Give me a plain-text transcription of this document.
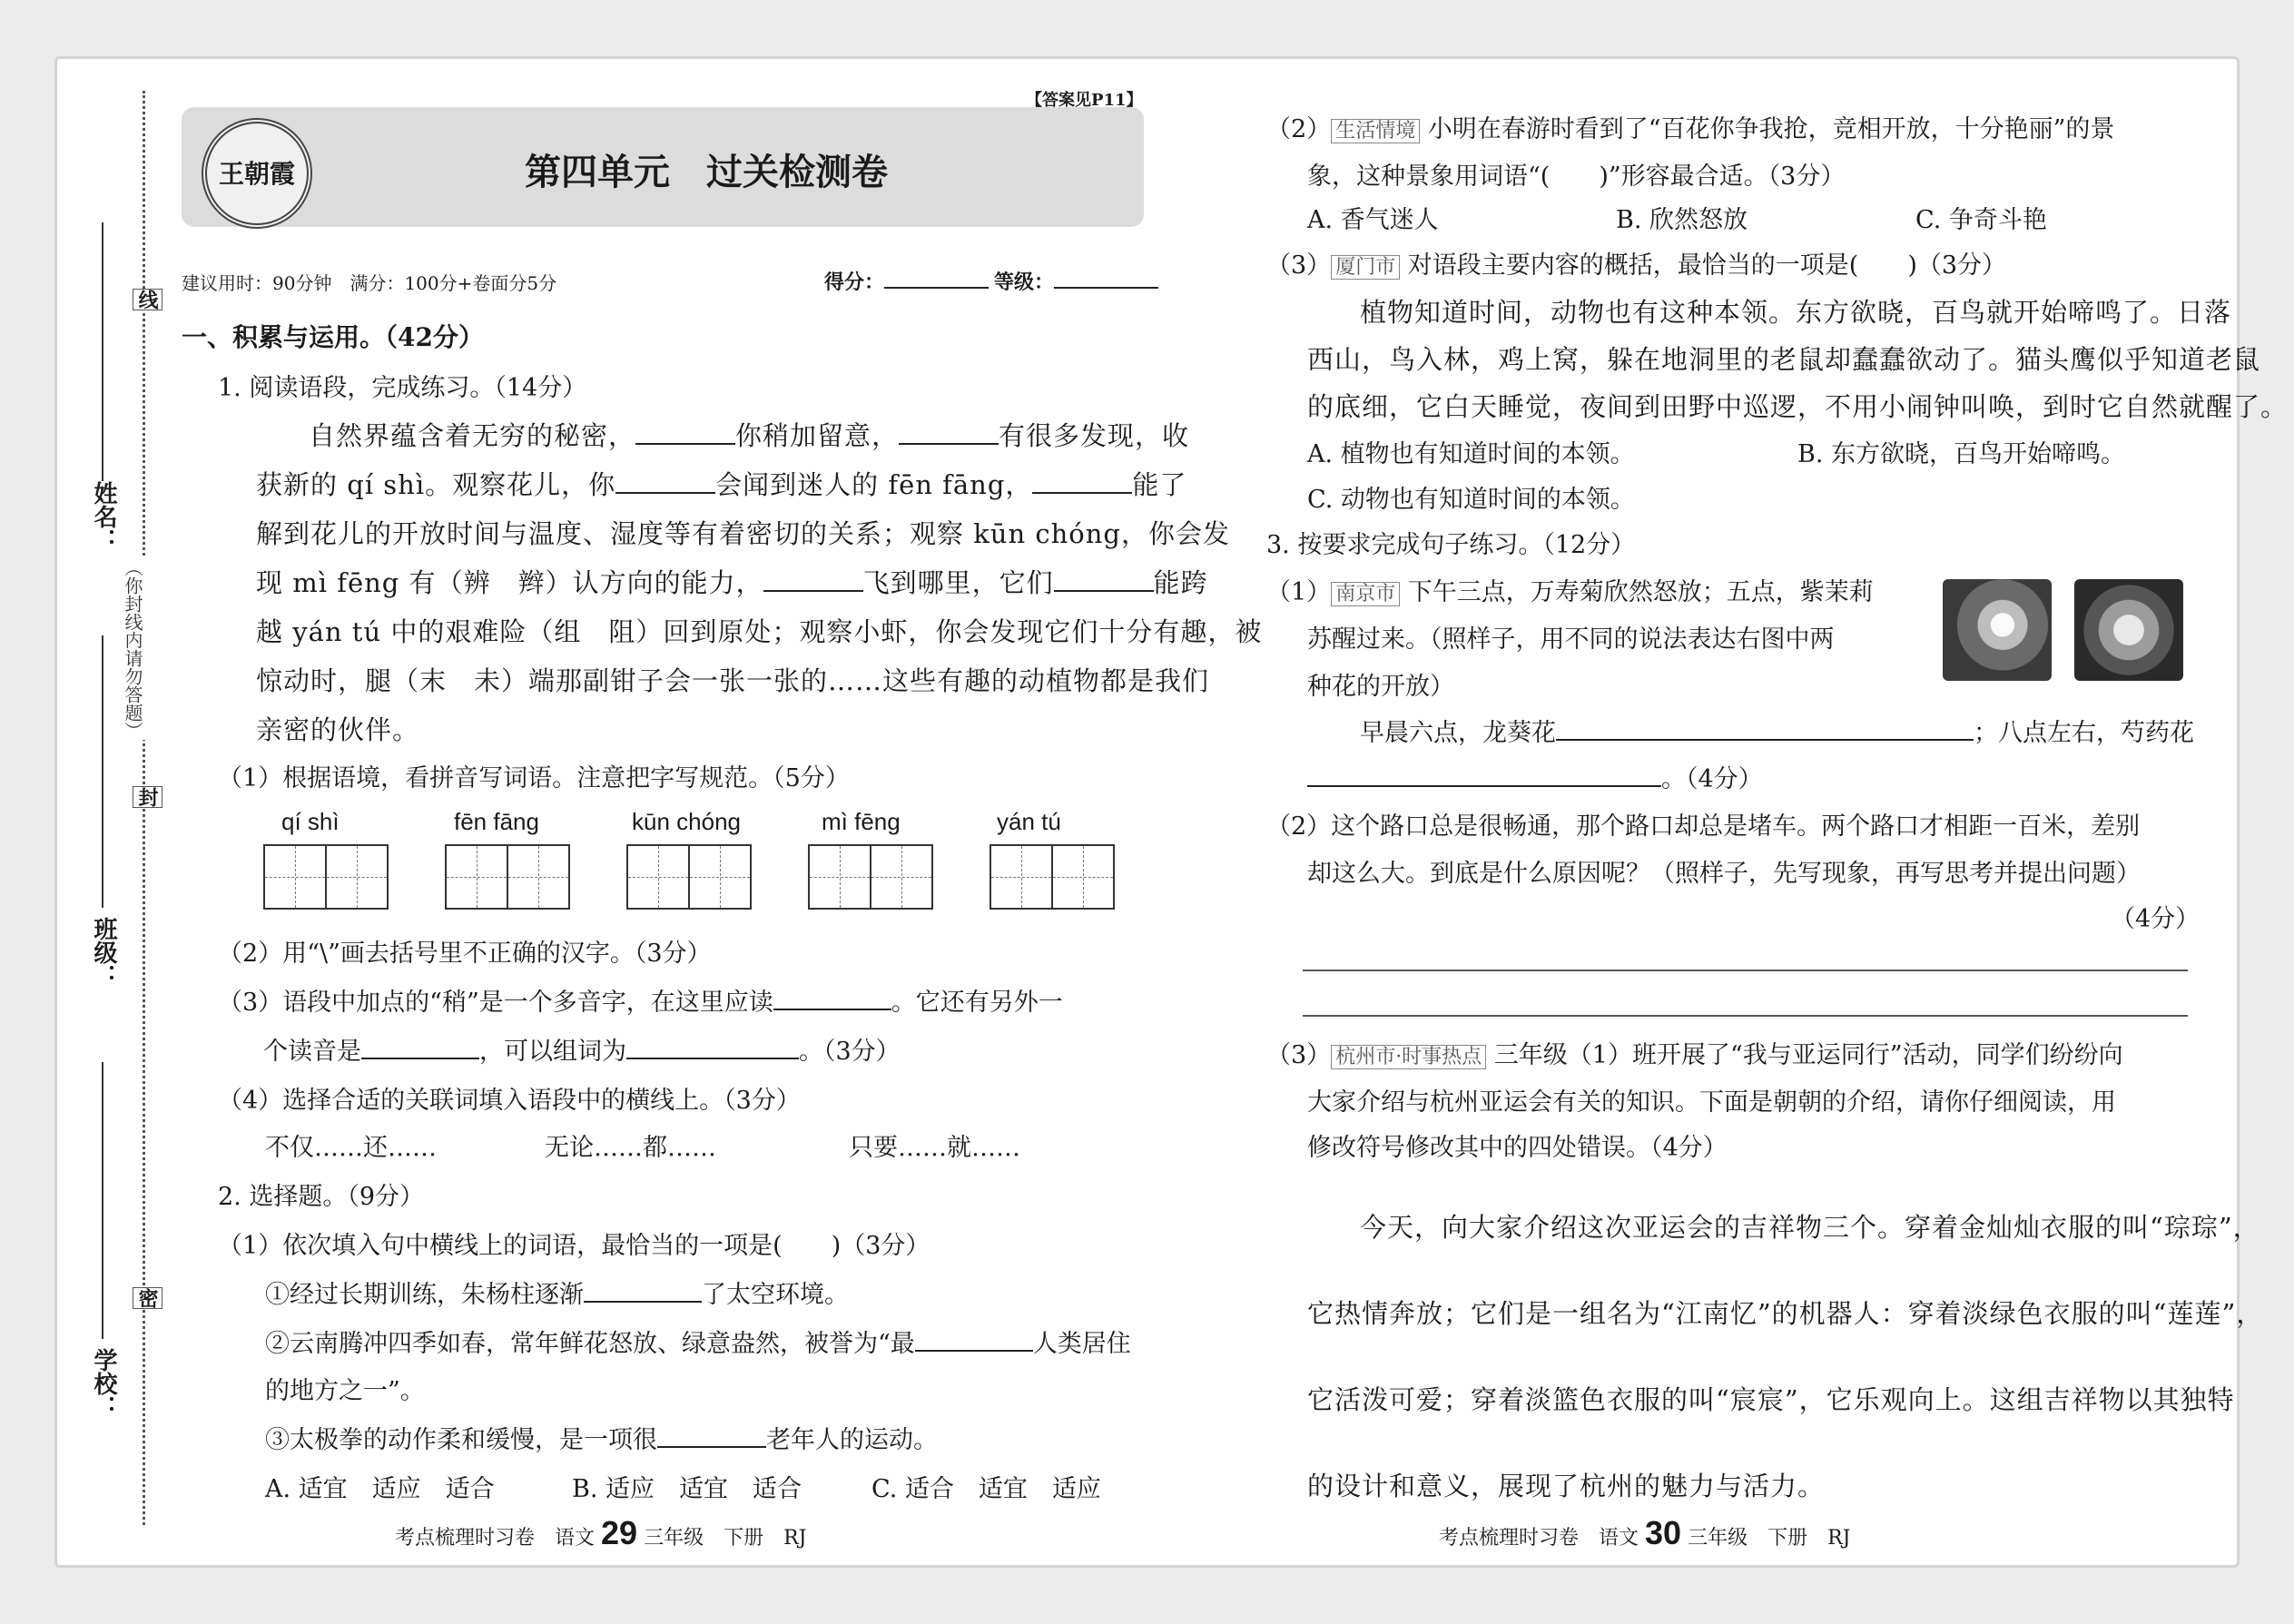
线
封
密
（你封线内请勿答题）
姓名：
班级：
学校：
王朝霞
【答案见P11】
第四单元　过关检测卷
建议用时：90分钟　满分：100分+卷面分5分	得分：	等级：
一、积累与运用。（42分）
1. 阅读语段，完成练习。（14分）
自然界蕴含着无穷的秘密，	你稍加留意，	有很多发现，收
获新的 qí shì。观察花儿，你	会闻到迷人的 fēn fāng，	能了
解到花儿的开放时间与温度、湿度等有着密切的关系；观察 kūn chóng，你会发
现 mì fēng 有（辨　辫）认方向的能力，	飞到哪里，它们	能跨
越 yán tú 中的艰难险（组　阻）回到原处；观察小虾，你会发现它们十分有趣，被
惊动时，腿（末　未）端那副钳子会一张一张的……这些有趣的动植物都是我们
亲密的伙伴。
（1）根据语境，看拼音写词语。注意把字写规范。（5分）
qí shì	fēn fāng	kūn chóng	mì fēng	yán tú
（2）用“\”画去括号里不正确的汉字。（3分）
（3）语段中加点的“稍”是一个多音字，在这里应读	。它还有另外一
个读音是	，可以组词为	。（3分）
（4）选择合适的关联词填入语段中的横线上。（3分）
不仅……还……	无论……都……	只要……就……
2. 选择题。（9分）
（1）依次填入句中横线上的词语，最恰当的一项是(　　)（3分）
①经过长期训练，朱杨柱逐渐	了太空环境。
②云南腾冲四季如春，常年鲜花怒放、绿意盎然，被誉为“最	人类居住
的地方之一”。
③太极拳的动作柔和缓慢，是一项很	老年人的运动。
A. 适宜　适应　适合	B. 适应　适宜　适合	C. 适合　适宜　适应
考点梳理时习卷　语文 29 三年级　下册　RJ
（2） 生活情境 小明在春游时看到了“百花你争我抢，竞相开放，十分艳丽”的景
象，这种景象用词语“(　　)”形容最合适。（3分）
A. 香气迷人	B. 欣然怒放	C. 争奇斗艳
（3） 厦门市 对语段主要内容的概括，最恰当的一项是(　　)（3分）
植物知道时间，动物也有这种本领。东方欲晓，百鸟就开始啼鸣了。日落
西山，鸟入林，鸡上窝，躲在地洞里的老鼠却蠢蠢欲动了。猫头鹰似乎知道老鼠
的底细，它白天睡觉，夜间到田野中巡逻，不用小闹钟叫唤，到时它自然就醒了。
A. 植物也有知道时间的本领。	B. 东方欲晓，百鸟开始啼鸣。
C. 动物也有知道时间的本领。
3. 按要求完成句子练习。（12分）
（1） 南京市 下午三点，万寿菊欣然怒放；五点，紫茉莉
苏醒过来。（照样子，用不同的说法表达右图中两
种花的开放）
早晨六点，龙葵花	；八点左右，芍药花
。（4分）
（2）这个路口总是很畅通，那个路口却总是堵车。两个路口才相距一百米，差别
却这么大。到底是什么原因呢？（照样子，先写现象，再写思考并提出问题）
（4分）
（3） 杭州市·时事热点 三年级（1）班开展了“我与亚运同行”活动，同学们纷纷向
大家介绍与杭州亚运会有关的知识。下面是朝朝的介绍，请你仔细阅读，用
修改符号修改其中的四处错误。（4分）
今天，向大家介绍这次亚运会的吉祥物三个。穿着金灿灿衣服的叫“琮琮”，
它热情奔放；它们是一组名为“江南忆”的机器人：穿着淡绿色衣服的叫“莲莲”，
它活泼可爱；穿着淡篮色衣服的叫“宸宸”，它乐观向上。这组吉祥物以其独特
的设计和意义，展现了杭州的魅力与活力。
考点梳理时习卷　语文 30 三年级　下册　RJ
